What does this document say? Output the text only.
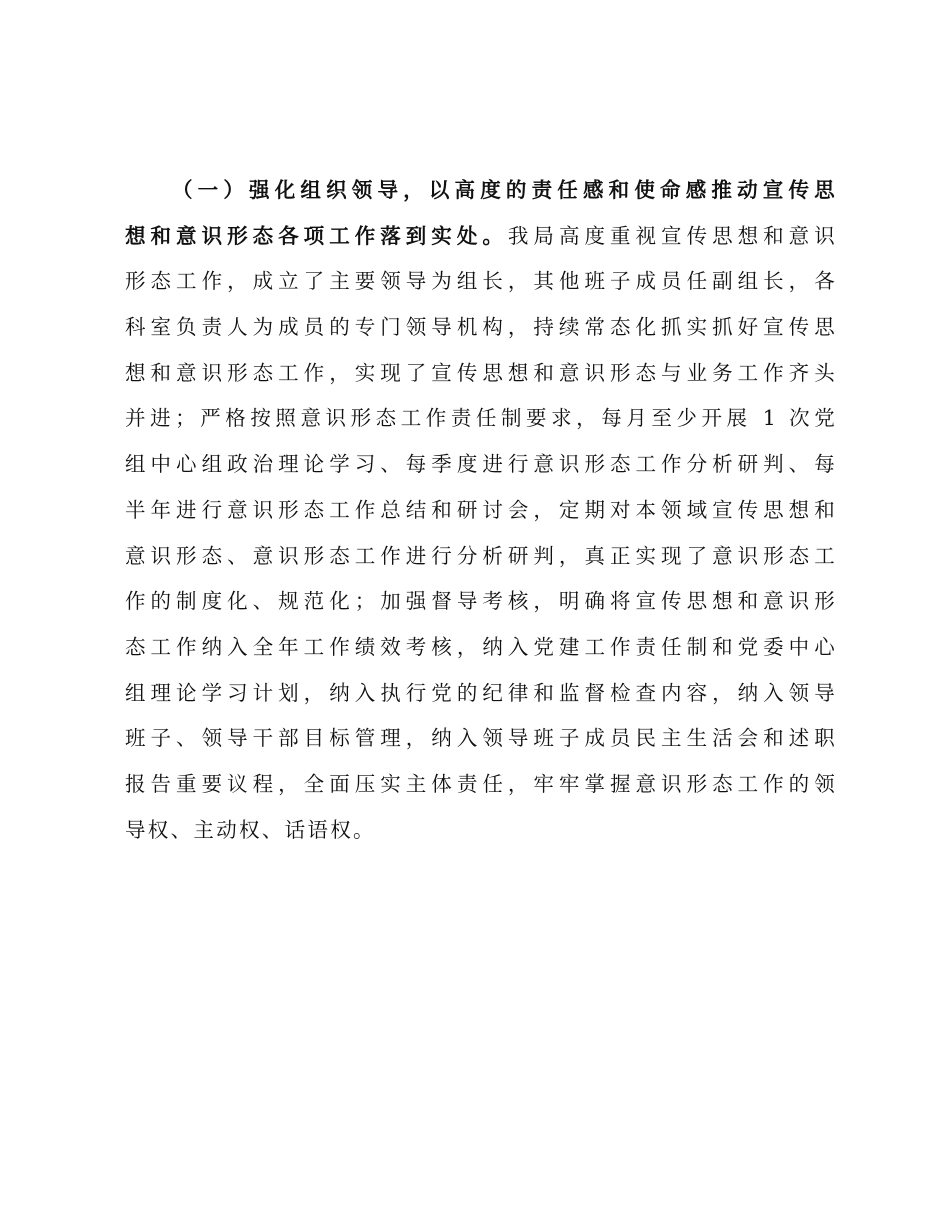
（一）强化组织领导，以高度的责任感和使命感推动宣传思
想和意识形态各项工作落到实处。我局高度重视宣传思想和意识
形态工作，成立了主要领导为组长，其他班子成员任副组长，各
科室负责人为成员的专门领导机构，持续常态化抓实抓好宣传思
想和意识形态工作，实现了宣传思想和意识形态与业务工作齐头
并进；严格按照意识形态工作责任制要求，每月至少开展 1 次党
组中心组政治理论学习、每季度进行意识形态工作分析研判、每
半年进行意识形态工作总结和研讨会，定期对本领域宣传思想和
意识形态、意识形态工作进行分析研判，真正实现了意识形态工
作的制度化、规范化；加强督导考核，明确将宣传思想和意识形
态工作纳入全年工作绩效考核，纳入党建工作责任制和党委中心
组理论学习计划，纳入执行党的纪律和监督检查内容，纳入领导
班子、领导干部目标管理，纳入领导班子成员民主生活会和述职
报告重要议程，全面压实主体责任，牢牢掌握意识形态工作的领
导权、主动权、话语权。
